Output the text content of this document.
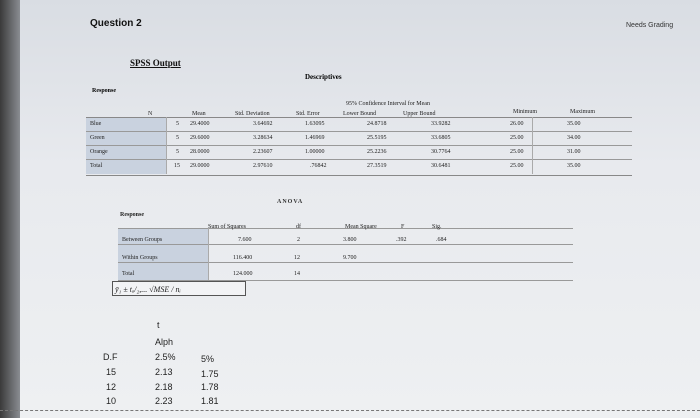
Question 2	Needs Grading
SPSS Output
Descriptives
Response
N	Mean	Std. Deviation	Std. Error
95% Confidence Interval for Mean
Lower Bound	Upper Bound	Minimum	Maximum
Blue	5 29.4000	3.64692	1.63095	24.8718	33.9282	26.00	35.00
Green	5 29.6000	3.28634	1.46969	25.5195	33.6805	25.00	34.00
Orange	5 28.0000	2.23607	1.00000	25.2236	30.7764	25.00	31.00
Total	15 29.0000	2.97610	.76842	27.3519	30.6481	25.00	35.00
ANOVA
Response
Sum of Squares	df	Mean Square	F	Sig.
Between Groups	7.600	2	3.800	.392	.684
Within Groups	116.400	12	9.700
Total	124.000	14
ȳ₁ ± tₐ/₂,... √MSE / nᵢ
t
Alph
D.F	2.5%	5%
15	2.13	1.75
12	2.18	1.78
10	2.23	1.81
